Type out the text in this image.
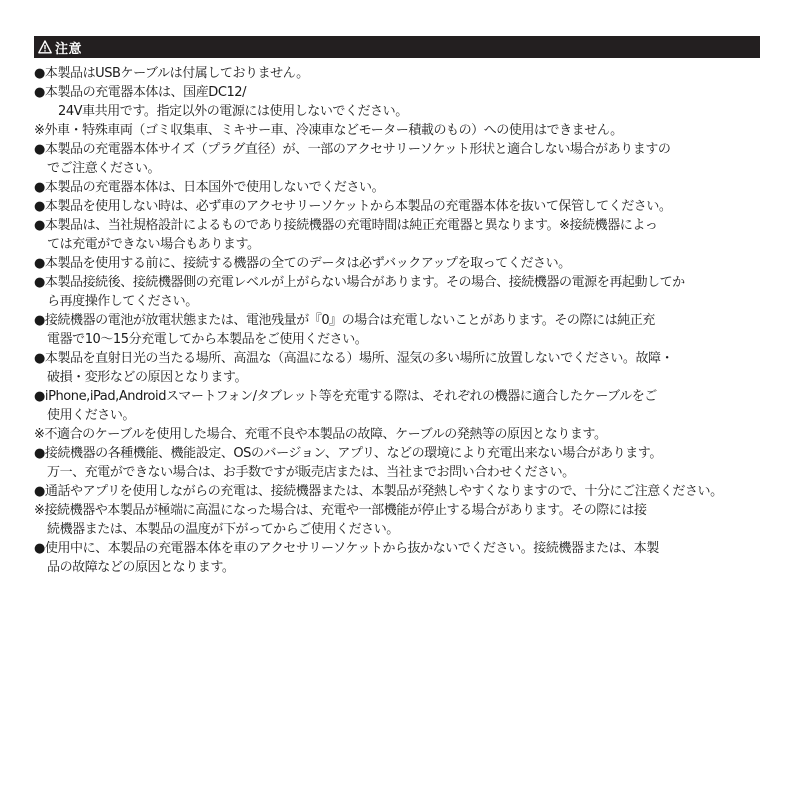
注意
●本製品はUSBケーブルは付属しておりません。
●本製品の充電器本体は、国産DC12/
24V車共用です。指定以外の電源には使用しないでください。
※外車・特殊車両（ゴミ収集車、ミキサー車、冷凍車などモーター積載のもの）への使用はできません。
●本製品の充電器本体サイズ（プラグ直径）が、一部のアクセサリーソケット形状と適合しない場合がありますの
でご注意ください。
●本製品の充電器本体は、日本国外で使用しないでください。
●本製品を使用しない時は、必ず車のアクセサリーソケットから本製品の充電器本体を抜いて保管してください。
●本製品は、当社規格設計によるものであり接続機器の充電時間は純正充電器と異なります。※接続機器によっ
ては充電ができない場合もあります。
●本製品を使用する前に、接続する機器の全てのデータは必ずバックアップを取ってください。
●本製品接続後、接続機器側の充電レベルが上がらない場合があります。その場合、接続機器の電源を再起動してか
ら再度操作してください。
●接続機器の電池が放電状態または、電池残量が『0』の場合は充電しないことがあります。その際には純正充
電器で10～15分充電してから本製品をご使用ください。
●本製品を直射日光の当たる場所、高温な（高温になる）場所、湿気の多い場所に放置しないでください。故障・
破損・変形などの原因となります。
●iPhone,iPad,Androidスマートフォン/タブレット等を充電する際は、それぞれの機器に適合したケーブルをご
使用ください。
※不適合のケーブルを使用した場合、充電不良や本製品の故障、ケーブルの発熱等の原因となります。
●接続機器の各種機能、機能設定、OSのバージョン、アプリ、などの環境により充電出来ない場合があります。
万一、充電ができない場合は、お手数ですが販売店または、当社までお問い合わせください。
●通話やアプリを使用しながらの充電は、接続機器または、本製品が発熱しやすくなりますので、十分にご注意ください。
※接続機器や本製品が極端に高温になった場合は、充電や一部機能が停止する場合があります。その際には接
続機器または、本製品の温度が下がってからご使用ください。
●使用中に、本製品の充電器本体を車のアクセサリーソケットから抜かないでください。接続機器または、本製
品の故障などの原因となります。
